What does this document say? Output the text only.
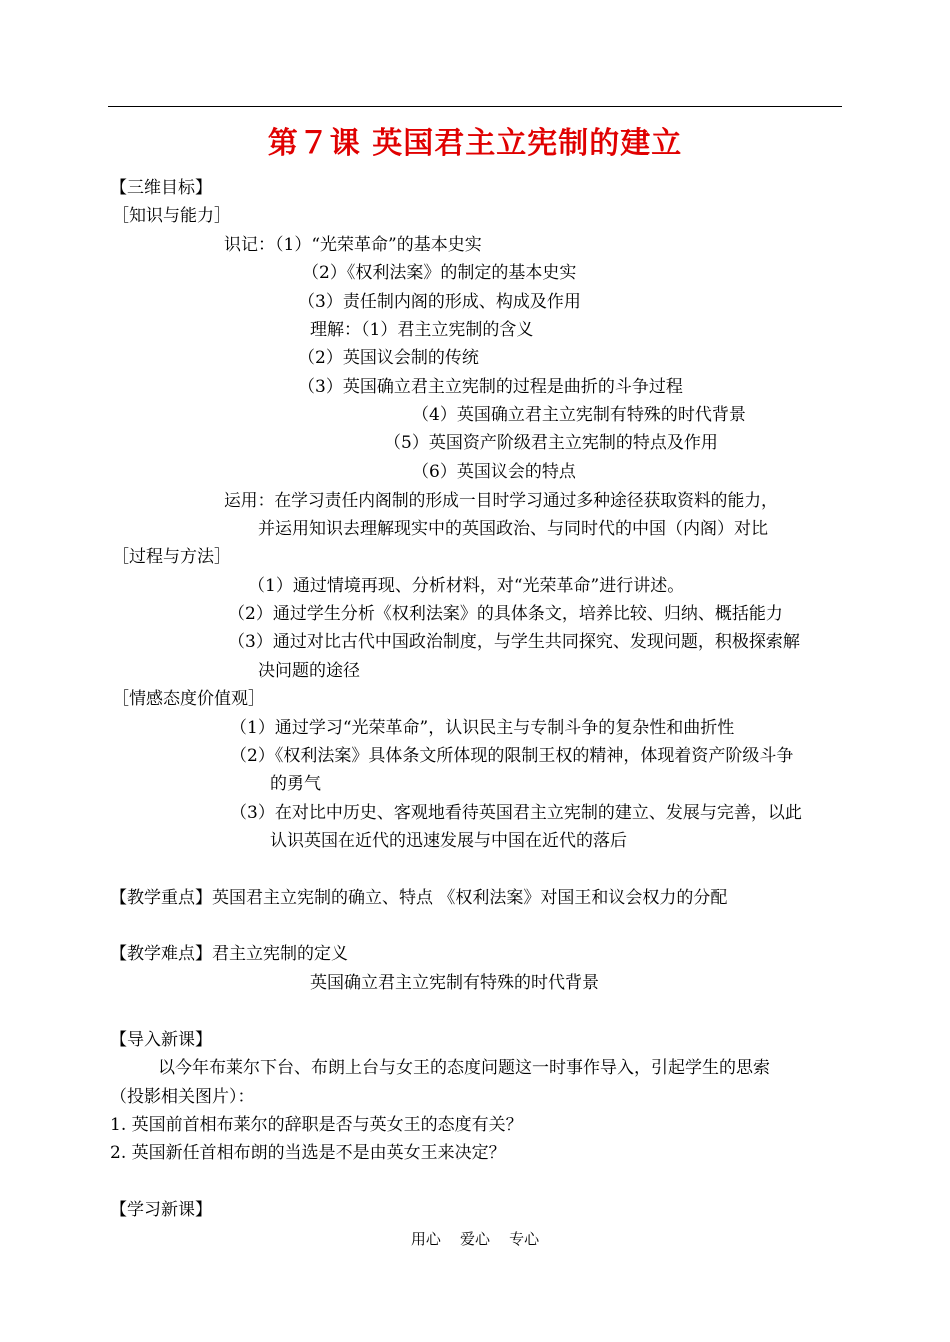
第７课 英国君主立宪制的建立
【三维目标】
［知识与能力］
识记：（1）“光荣革命”的基本史实
（2）《权利法案》的制定的基本史实
（3）责任制内阁的形成、构成及作用
理解：（1）君主立宪制的含义
（2）英国议会制的传统
（3）英国确立君主立宪制的过程是曲折的斗争过程
（4）英国确立君主立宪制有特殊的时代背景
（5）英国资产阶级君主立宪制的特点及作用
（6）英国议会的特点
运用：在学习责任内阁制的形成一目时学习通过多种途径获取资料的能力，
并运用知识去理解现实中的英国政治、与同时代的中国（内阁）对比
［过程与方法］
（1）通过情境再现、分析材料，对“光荣革命”进行讲述。
（2）通过学生分析《权利法案》的具体条文，培养比较、归纳、概括能力
（3）通过对比古代中国政治制度，与学生共同探究、发现问题，积极探索解
决问题的途径
［情感态度价值观］
（1）通过学习“光荣革命”，认识民主与专制斗争的复杂性和曲折性
（2）《权利法案》具体条文所体现的限制王权的精神，体现着资产阶级斗争
的勇气
（3）在对比中历史、客观地看待英国君主立宪制的建立、发展与完善，以此
认识英国在近代的迅速发展与中国在近代的落后
【教学重点】英国君主立宪制的确立、特点 《权利法案》对国王和议会权力的分配
【教学难点】君主立宪制的定义
英国确立君主立宪制有特殊的时代背景
【导入新课】
以今年布莱尔下台、布朗上台与女王的态度问题这一时事作导入，引起学生的思索
（投影相关图片）：
1. 英国前首相布莱尔的辞职是否与英女王的态度有关？
2. 英国新任首相布朗的当选是不是由英女王来决定？
【学习新课】
用心    爱心    专心
